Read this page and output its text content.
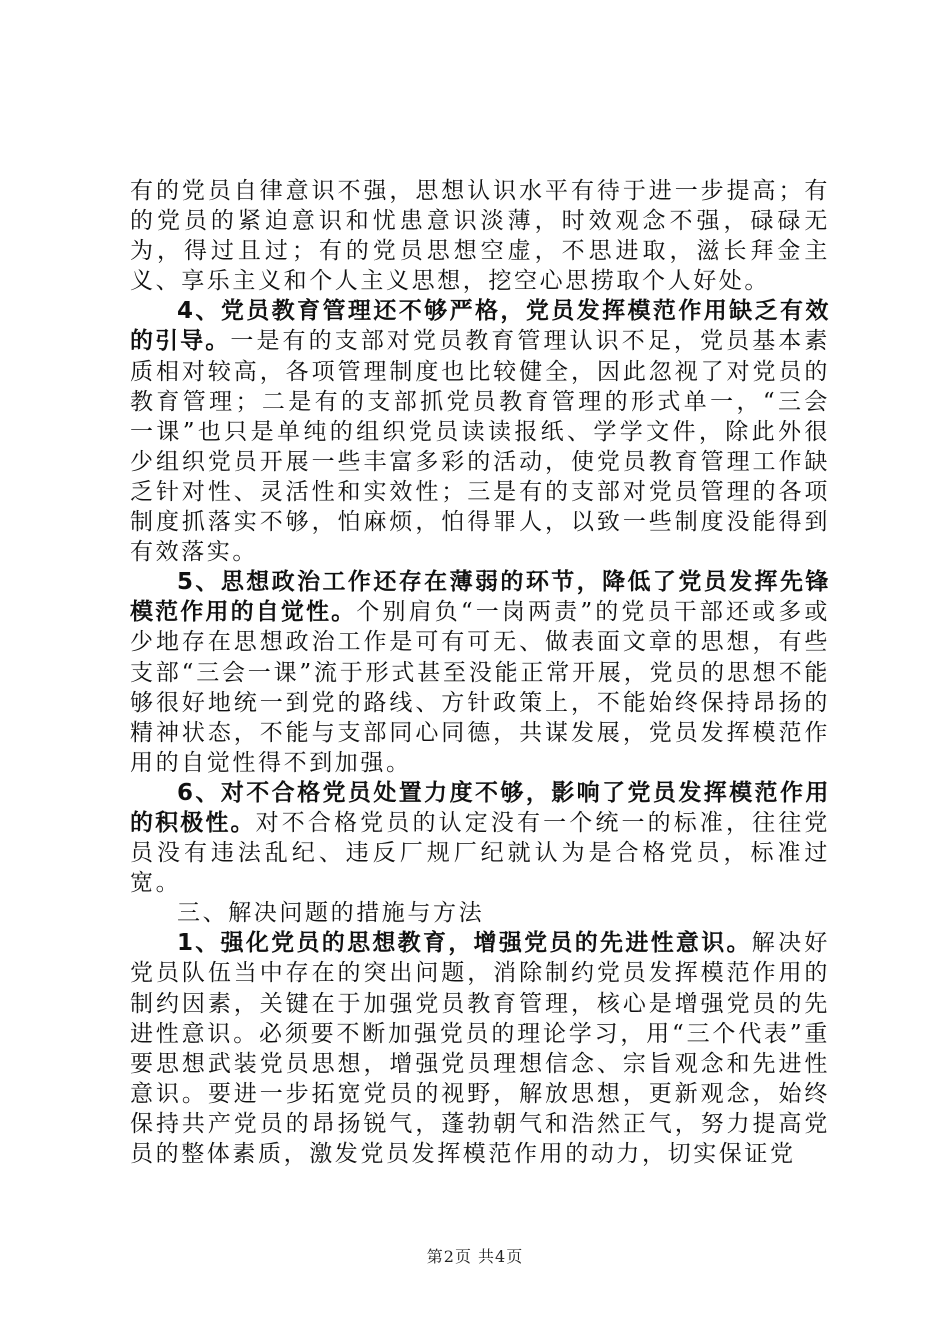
有的党员自律意识不强，思想认识水平有待于进一步提高；有的党员的紧迫意识和忧患意识淡薄，时效观念不强，碌碌无为，得过且过；有的党员思想空虚，不思进取，滋长拜金主义、享乐主义和个人主义思想，挖空心思捞取个人好处。

4、党员教育管理还不够严格，党员发挥模范作用缺乏有效的引导。一是有的支部对党员教育管理认识不足，党员基本素质相对较高，各项管理制度也比较健全，因此忽视了对党员的教育管理；二是有的支部抓党员教育管理的形式单一，“三会一课”也只是单纯的组织党员读读报纸、学学文件，除此外很少组织党员开展一些丰富多彩的活动，使党员教育管理工作缺乏针对性、灵活性和实效性；三是有的支部对党员管理的各项制度抓落实不够，怕麻烦，怕得罪人，以致一些制度没能得到有效落实。

5、思想政治工作还存在薄弱的环节，降低了党员发挥先锋模范作用的自觉性。个别肩负“一岗两责”的党员干部还或多或少地存在思想政治工作是可有可无、做表面文章的思想，有些支部“三会一课”流于形式甚至没能正常开展，党员的思想不能够很好地统一到党的路线、方针政策上，不能始终保持昂扬的精神状态，不能与支部同心同德，共谋发展，党员发挥模范作用的自觉性得不到加强。

6、对不合格党员处置力度不够，影响了党员发挥模范作用的积极性。对不合格党员的认定没有一个统一的标准，往往党员没有违法乱纪、违反厂规厂纪就认为是合格党员，标准过宽。

三、解决问题的措施与方法

1、强化党员的思想教育，增强党员的先进性意识。解决好党员队伍当中存在的突出问题，消除制约党员发挥模范作用的制约因素，关键在于加强党员教育管理，核心是增强党员的先进性意识。必须要不断加强党员的理论学习，用“三个代表”重要思想武装党员思想，增强党员理想信念、宗旨观念和先进性意识。要进一步拓宽党员的视野，解放思想，更新观念，始终保持共产党员的昂扬锐气，蓬勃朝气和浩然正气，努力提高党员的整体素质，激发党员发挥模范作用的动力，切实保证党

第2页 共4页
